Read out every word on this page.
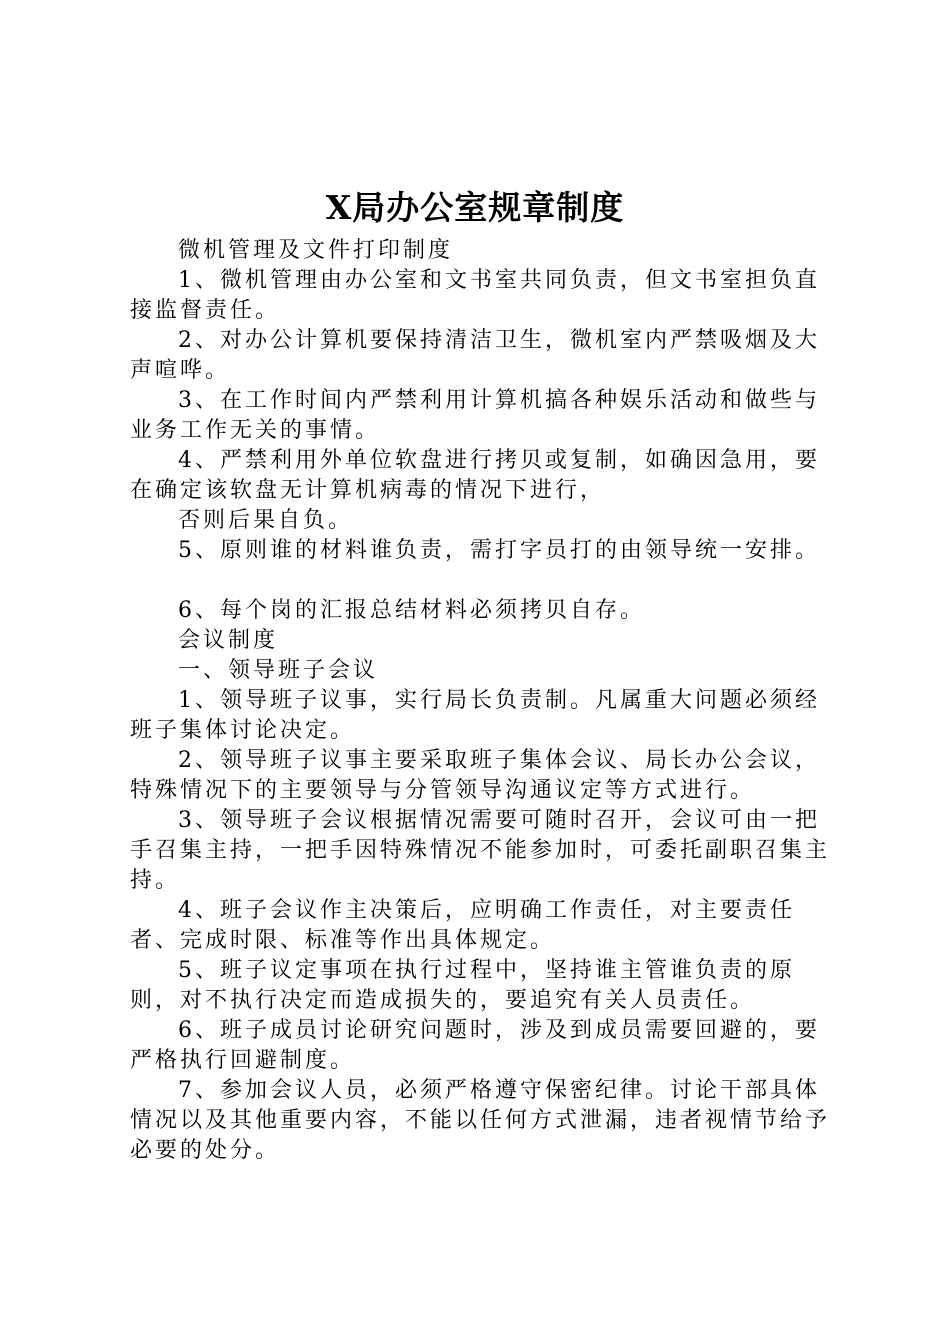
X局办公室规章制度

微机管理及文件打印制度

1、微机管理由办公室和文书室共同负责，但文书室担负直接监督责任。

2、对办公计算机要保持清洁卫生，微机室内严禁吸烟及大声喧哗。

3、在工作时间内严禁利用计算机搞各种娱乐活动和做些与业务工作无关的事情。

4、严禁利用外单位软盘进行拷贝或复制，如确因急用，要在确定该软盘无计算机病毒的情况下进行，

否则后果自负。

5、原则谁的材料谁负责，需打字员打的由领导统一安排。

6、每个岗的汇报总结材料必须拷贝自存。

会议制度

一、领导班子会议

1、领导班子议事，实行局长负责制。凡属重大问题必须经班子集体讨论决定。

2、领导班子议事主要采取班子集体会议、局长办公会议，特殊情况下的主要领导与分管领导沟通议定等方式进行。

3、领导班子会议根据情况需要可随时召开，会议可由一把手召集主持，一把手因特殊情况不能参加时，可委托副职召集主持。

4、班子会议作主决策后，应明确工作责任，对主要责任者、完成时限、标准等作出具体规定。

5、班子议定事项在执行过程中，坚持谁主管谁负责的原则，对不执行决定而造成损失的，要追究有关人员责任。

6、班子成员讨论研究问题时，涉及到成员需要回避的，要严格执行回避制度。

7、参加会议人员，必须严格遵守保密纪律。讨论干部具体情况以及其他重要内容，不能以任何方式泄漏，违者视情节给予必要的处分。
